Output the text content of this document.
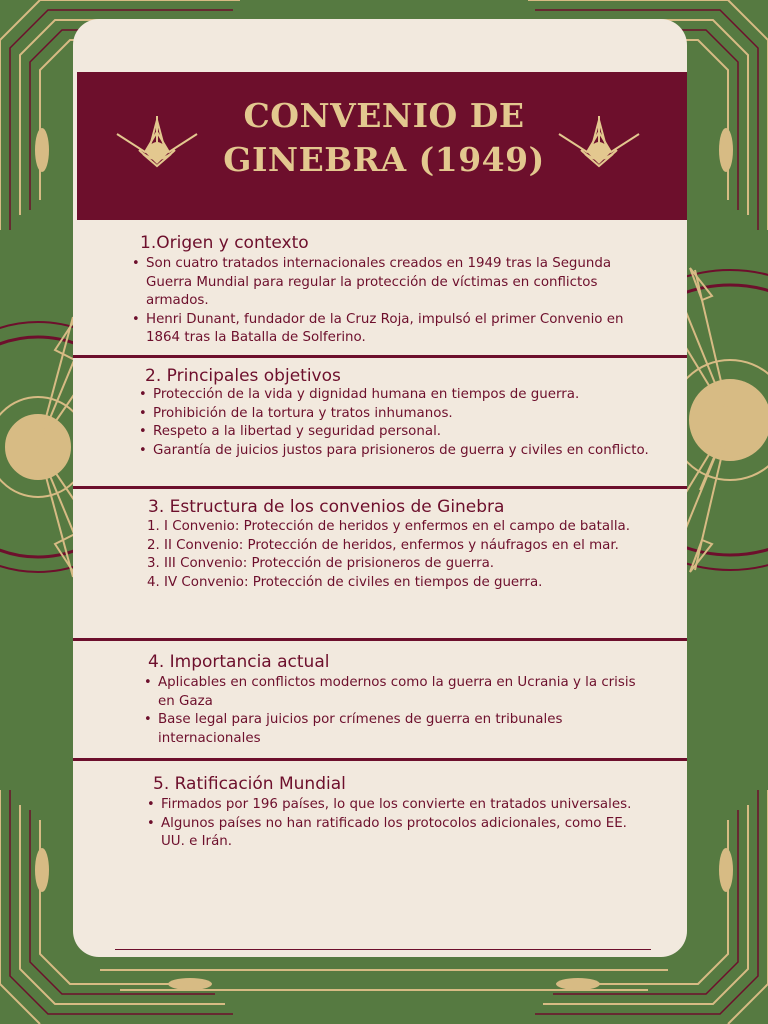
CONVENIO DE GINEBRA (1949)
1.Origen y contexto
• Son cuatro tratados internacionales creados en 1949 tras la Segunda Guerra Mundial para regular la protección de víctimas en conflictos armados.
• Henri Dunant, fundador de la Cruz Roja, impulsó el primer Convenio en 1864 tras la Batalla de Solferino.
2. Principales objetivos
• Protección de la vida y dignidad humana en tiempos de guerra.
• Prohibición de la tortura y tratos inhumanos.
• Respeto a la libertad y seguridad personal.
• Garantía de juicios justos para prisioneros de guerra y civiles en conflicto.
3. Estructura de los convenios de Ginebra
1. I Convenio: Protección de heridos y enfermos en el campo de batalla.
2. II Convenio: Protección de heridos, enfermos y náufragos en el mar.
3. III Convenio: Protección de prisioneros de guerra.
4. IV Convenio: Protección de civiles en tiempos de guerra.
4. Importancia actual
• Aplicables en conflictos modernos como la guerra en Ucrania y la crisis en Gaza
• Base legal para juicios por crímenes de guerra en tribunales internacionales
5. Ratificación Mundial
• Firmados por 196 países, lo que los convierte en tratados universales.
• Algunos países no han ratificado los protocolos adicionales, como EE. UU. e Irán.
